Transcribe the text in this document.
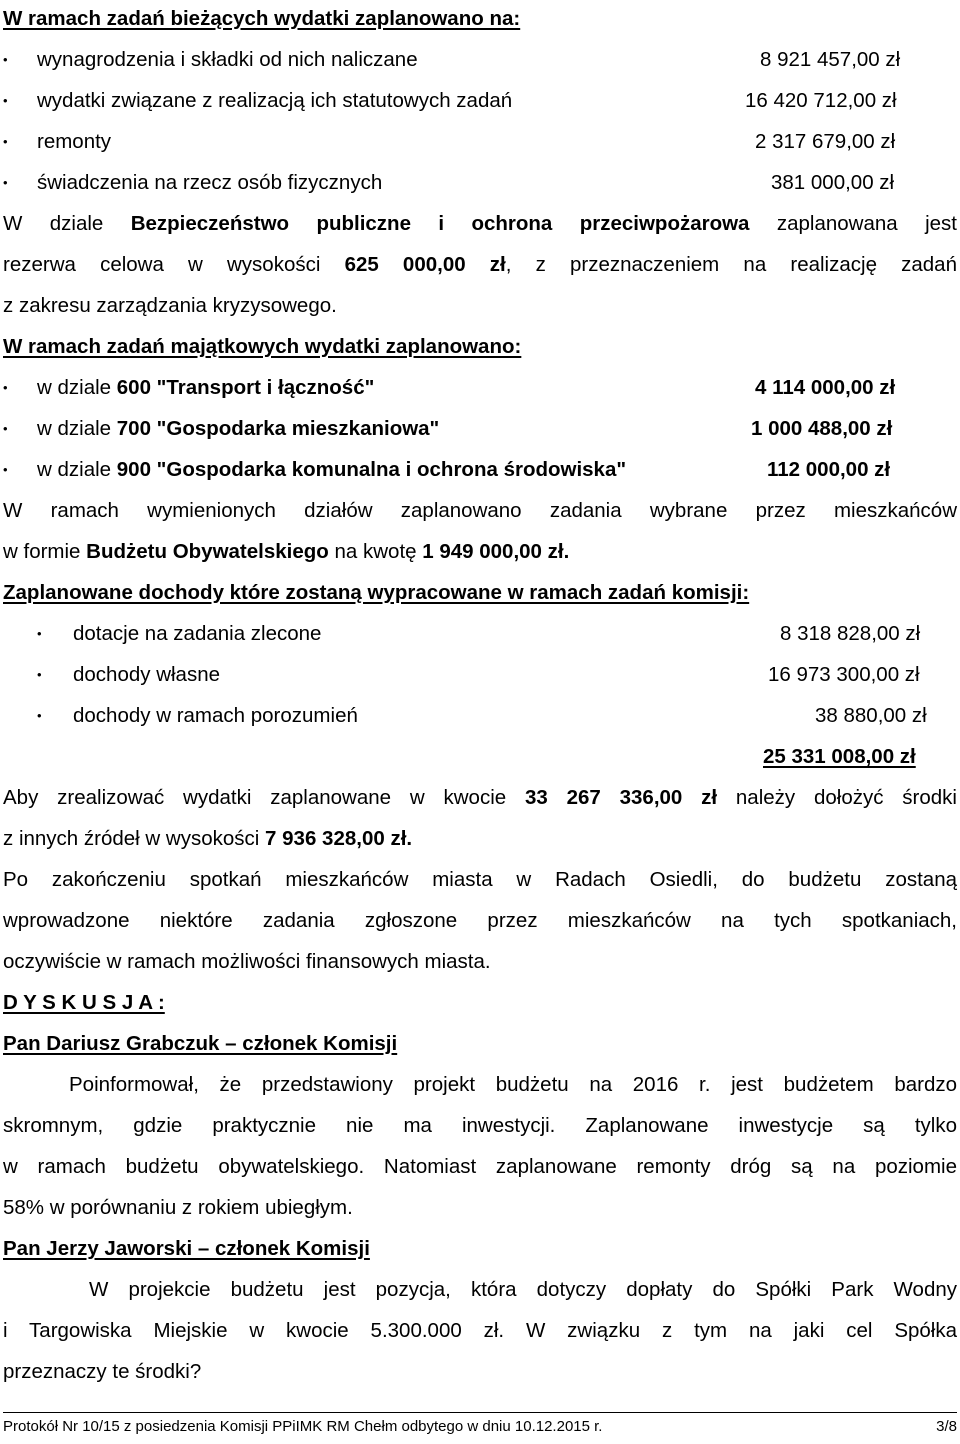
W ramach zadań bieżących wydatki zaplanowano na:
• wynagrodzenia i składki od nich naliczane	8 921 457,00 zł
• wydatki związane z realizacją ich statutowych zadań	16 420 712,00 zł
• remonty	2 317 679,00 zł
• świadczenia na rzecz osób fizycznych	381 000,00 zł
W dziale Bezpieczeństwo publiczne i ochrona przeciwpożarowa zaplanowana jest
rezerwa celowa w wysokości 625 000,00 zł, z przeznaczeniem na realizację zadań
z zakresu zarządzania kryzysowego.
W ramach zadań majątkowych wydatki zaplanowano:
• w dziale 600 "Transport i łączność"	4 114 000,00 zł
• w dziale 700 "Gospodarka mieszkaniowa"	1 000 488,00 zł
• w dziale 900 "Gospodarka komunalna i ochrona środowiska"	112 000,00 zł
W ramach wymienionych działów zaplanowano zadania wybrane przez mieszkańców
w formie Budżetu Obywatelskiego na kwotę 1 949 000,00 zł.
Zaplanowane dochody które zostaną wypracowane w ramach zadań komisji:
• dotacje na zadania zlecone	8 318 828,00 zł
• dochody własne	16 973 300,00 zł
• dochody w ramach porozumień	38 880,00 zł
25 331 008,00 zł
Aby zrealizować wydatki zaplanowane w kwocie 33 267 336,00 zł należy dołożyć środki
z innych źródeł w wysokości 7 936 328,00 zł.
Po zakończeniu spotkań mieszkańców miasta w Radach Osiedli, do budżetu zostaną
wprowadzone niektóre zadania zgłoszone przez mieszkańców na tych spotkaniach,
oczywiście w ramach możliwości finansowych miasta.
D Y S K U S J A :
Pan Dariusz Grabczuk – członek Komisji
Poinformował, że przedstawiony projekt budżetu na 2016 r. jest budżetem bardzo
skromnym, gdzie praktycznie nie ma inwestycji. Zaplanowane inwestycje są tylko
w ramach budżetu obywatelskiego. Natomiast zaplanowane remonty dróg są na poziomie
58% w porównaniu z rokiem ubiegłym.
Pan Jerzy Jaworski – członek Komisji
W projekcie budżetu jest pozycja, która dotyczy dopłaty do Spółki Park Wodny
i Targowiska Miejskie w kwocie 5.300.000 zł. W związku z tym na jaki cel Spółka
przeznaczy te środki?
Protokół Nr 10/15 z posiedzenia Komisji PPiIMK RM Chełm odbytego w dniu 10.12.2015 r.	3/8
